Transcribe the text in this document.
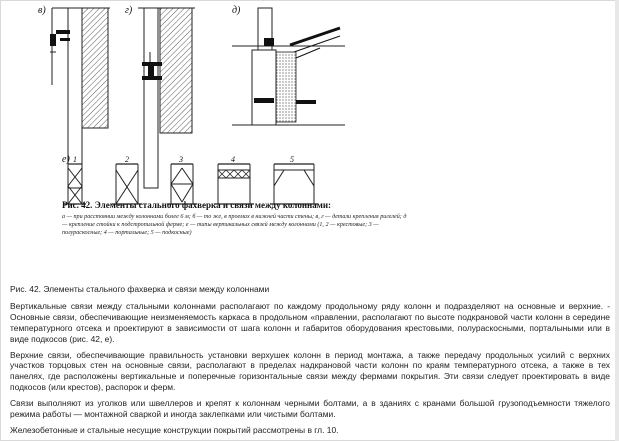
в)	г)	д)
е) 1	2	3	4	5
Рис. 42. Элементы стального фахверка и связи между колоннами:
а — при расстоянии между колоннами более 6 м; б — то же, в проемах в нижней части стены; в, г — детали крепления ригелей; д — крепление стойки к подстропильной ферме; е — типы вертикальных связей между колоннами (1, 2 — крестовые; 3 — полураскосные; 4 — портальные; 5 — подкосные)

Рис. 42. Элементы стального фахверка и связи между колоннами

Вертикальные связи между стальными колоннами располагают по каждому продольному ряду колонн и подразделяют на основные и верхние. - Основные связи, обеспечивающие неизменяемость каркаса в продольном «правлении, располагают по высоте подкрановой части колонн в середине температурного отсека и проектируют в зависимости от шага колонн и габаритов оборудования крестовыми, полураскосными, порталыными или в виде подкосов (рис. 42, е).

Верхние связи, обеспечивающие правильность установки верхушек колонн в период монтажа, а также передачу продольных усилий с верхних участков торцовых стен на основные связи, располагают в пределах надкрановой части колонн по краям температурного отсека, а также в тех панелях, где расположены вертикальные и поперечные горизонтальные связи между фермами покрытия. Эти связи следует проектировать в виде подкосов (или крестов), распорок и ферм.

Связи выполняют из уголков или швеллеров и крепят к колоннам черными болтами, а в зданиях с кранами большой грузоподъемности тяжелого режима работы — монтажной сваркой и иногда заклепками или чистыми болтами.

Железобетонные и стальные несущие конструкции покрытий рассмотрены в гл. 10.
